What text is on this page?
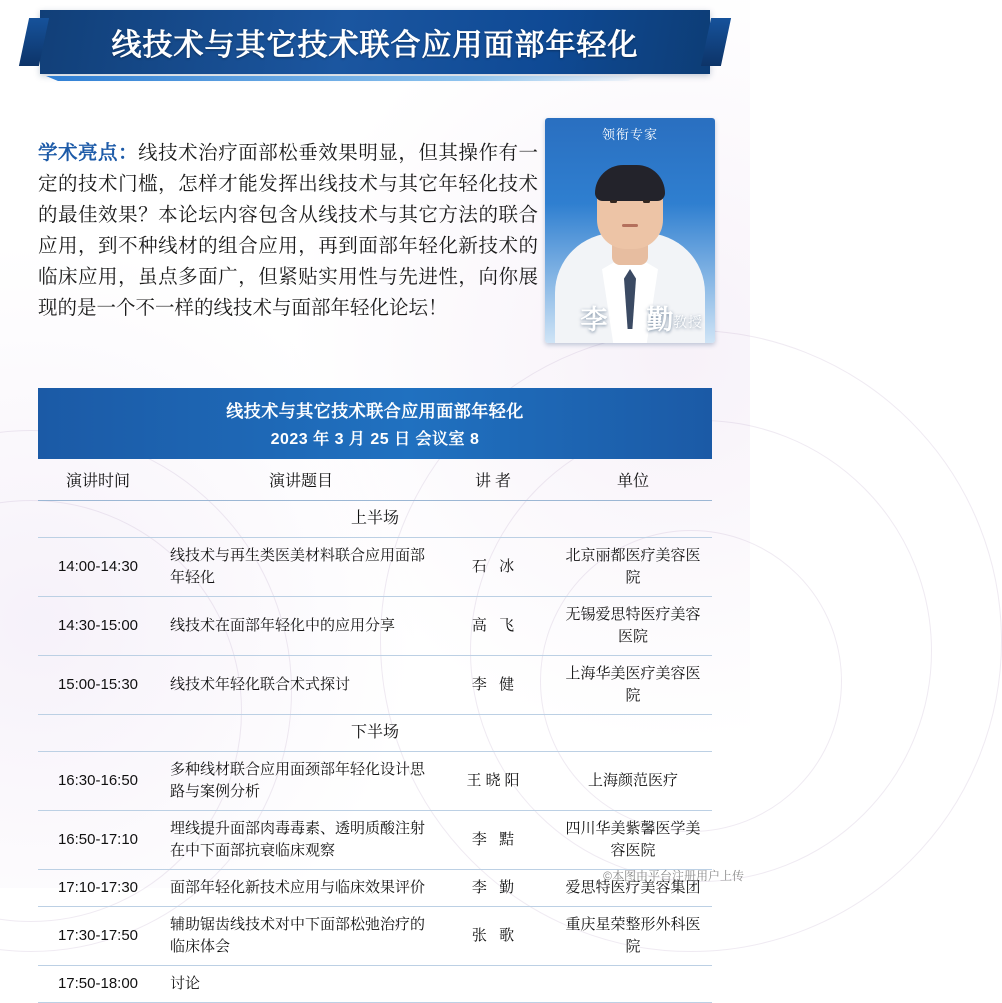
线技术与其它技术联合应用面部年轻化

学术亮点：线技术治疗面部松垂效果明显，但其操作有一定的技术门槛，怎样才能发挥出线技术与其它年轻化技术的最佳效果？本论坛内容包含从线技术与其它方法的联合应用，到不种线材的组合应用，再到面部年轻化新技术的临床应用，虽点多面广，但紧贴实用性与先进性，向你展现的是一个不一样的线技术与面部年轻化论坛！

领衔专家
李　勤
教授
线技术与其它技术联合应用面部年轻化
2023 年 3 月 25 日 会议室 8
演讲时间	演讲题目	讲者	单位
上半场			
14:00-14:30	线技术与再生类医美材料联合应用面部年轻化	石 冰	北京丽都医疗美容医院
14:30-15:00	线技术在面部年轻化中的应用分享	高 飞	无锡爱思特医疗美容医院
15:00-15:30	线技术年轻化联合术式探讨	李 健	上海华美医疗美容医院
下半场			
16:30-16:50	多种线材联合应用面颈部年轻化设计思路与案例分析	王晓阳	上海颜范医疗
16:50-17:10	埋线提升面部肉毒毒素、透明质酸注射在中下面部抗衰临床观察	李 黠	四川华美紫馨医学美容医院
17:10-17:30	面部年轻化新技术应用与临床效果评价	李 勤	爱思特医疗美容集团
17:30-17:50	辅助锯齿线技术对中下面部松弛治疗的临床体会	张 歌	重庆星荣整形外科医院
17:50-18:00	讨论		
©本图由平台注册用户上传
